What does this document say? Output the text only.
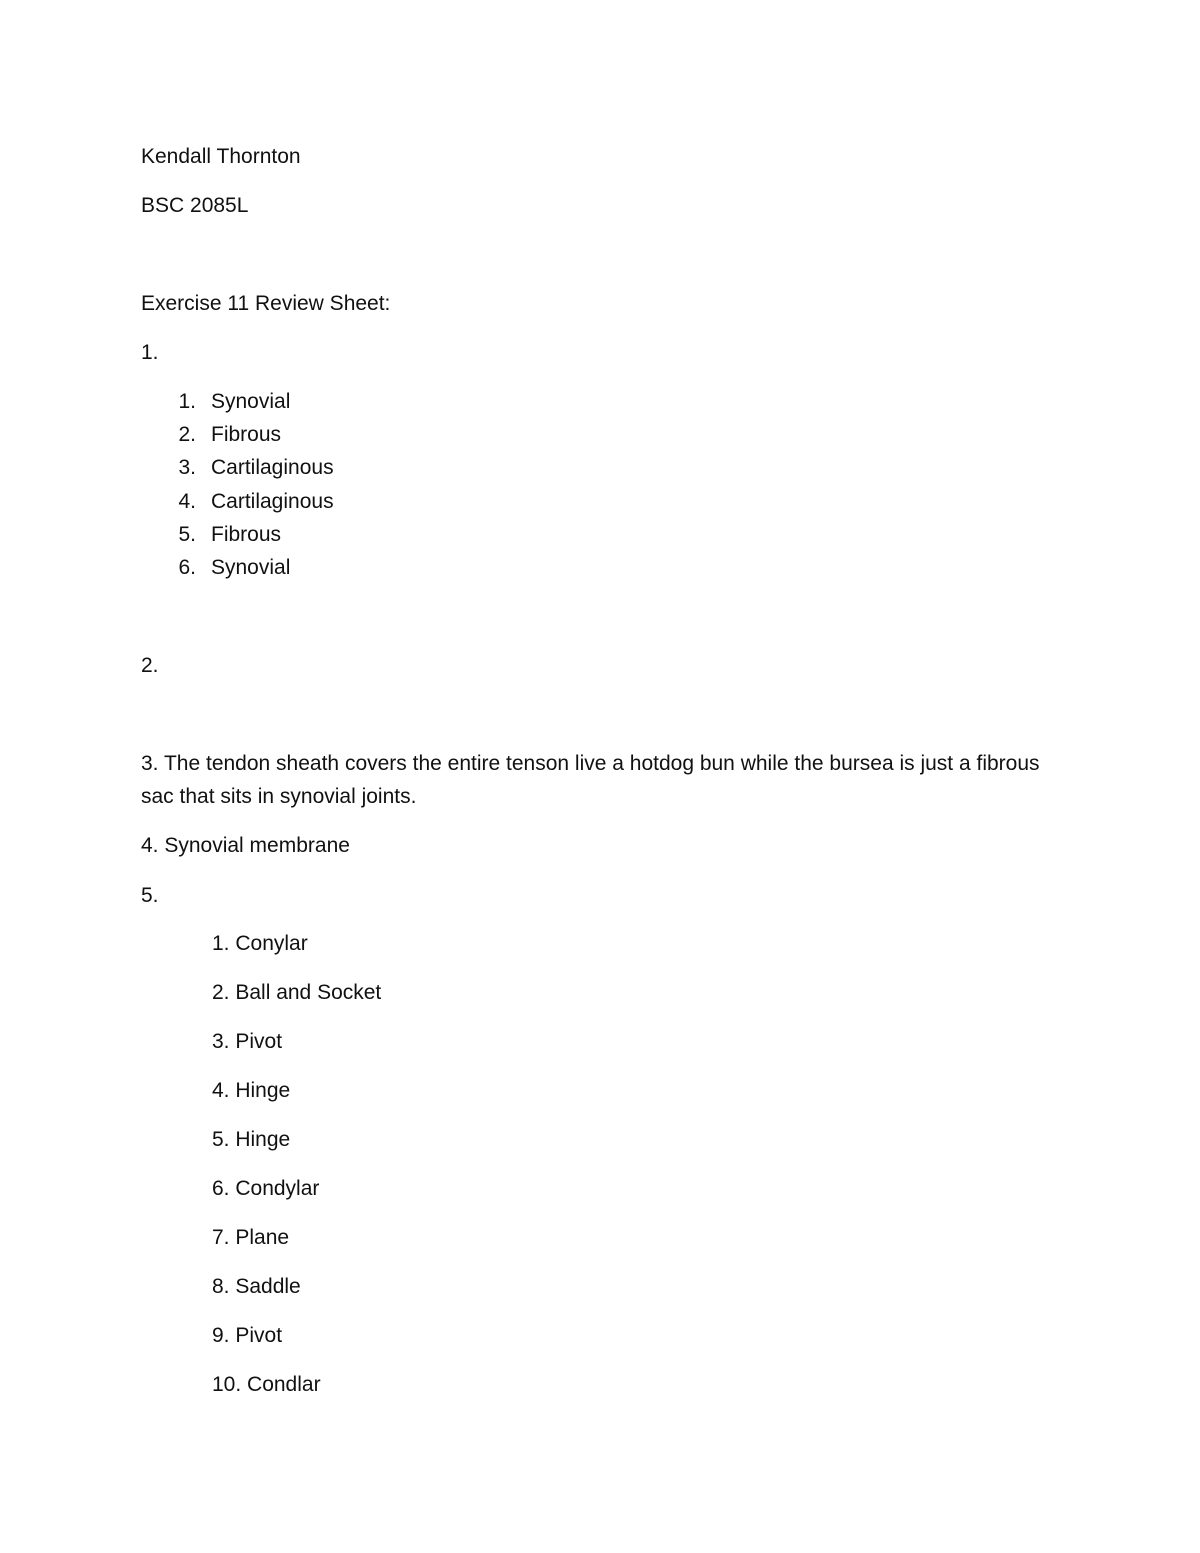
Kendall Thornton

BSC 2085L

Exercise 11 Review Sheet:

1.

1. Synovial
2. Fibrous
3. Cartilaginous
4. Cartilaginous
5. Fibrous
6. Synovial

2.

3. The tendon sheath covers the entire tenson live a hotdog bun while the bursea is just a fibrous sac that sits in synovial joints.

4. Synovial membrane

5.

1. Conylar

2. Ball and Socket

3. Pivot

4. Hinge

5. Hinge

6. Condylar

7. Plane

8. Saddle

9. Pivot

10. Condlar
